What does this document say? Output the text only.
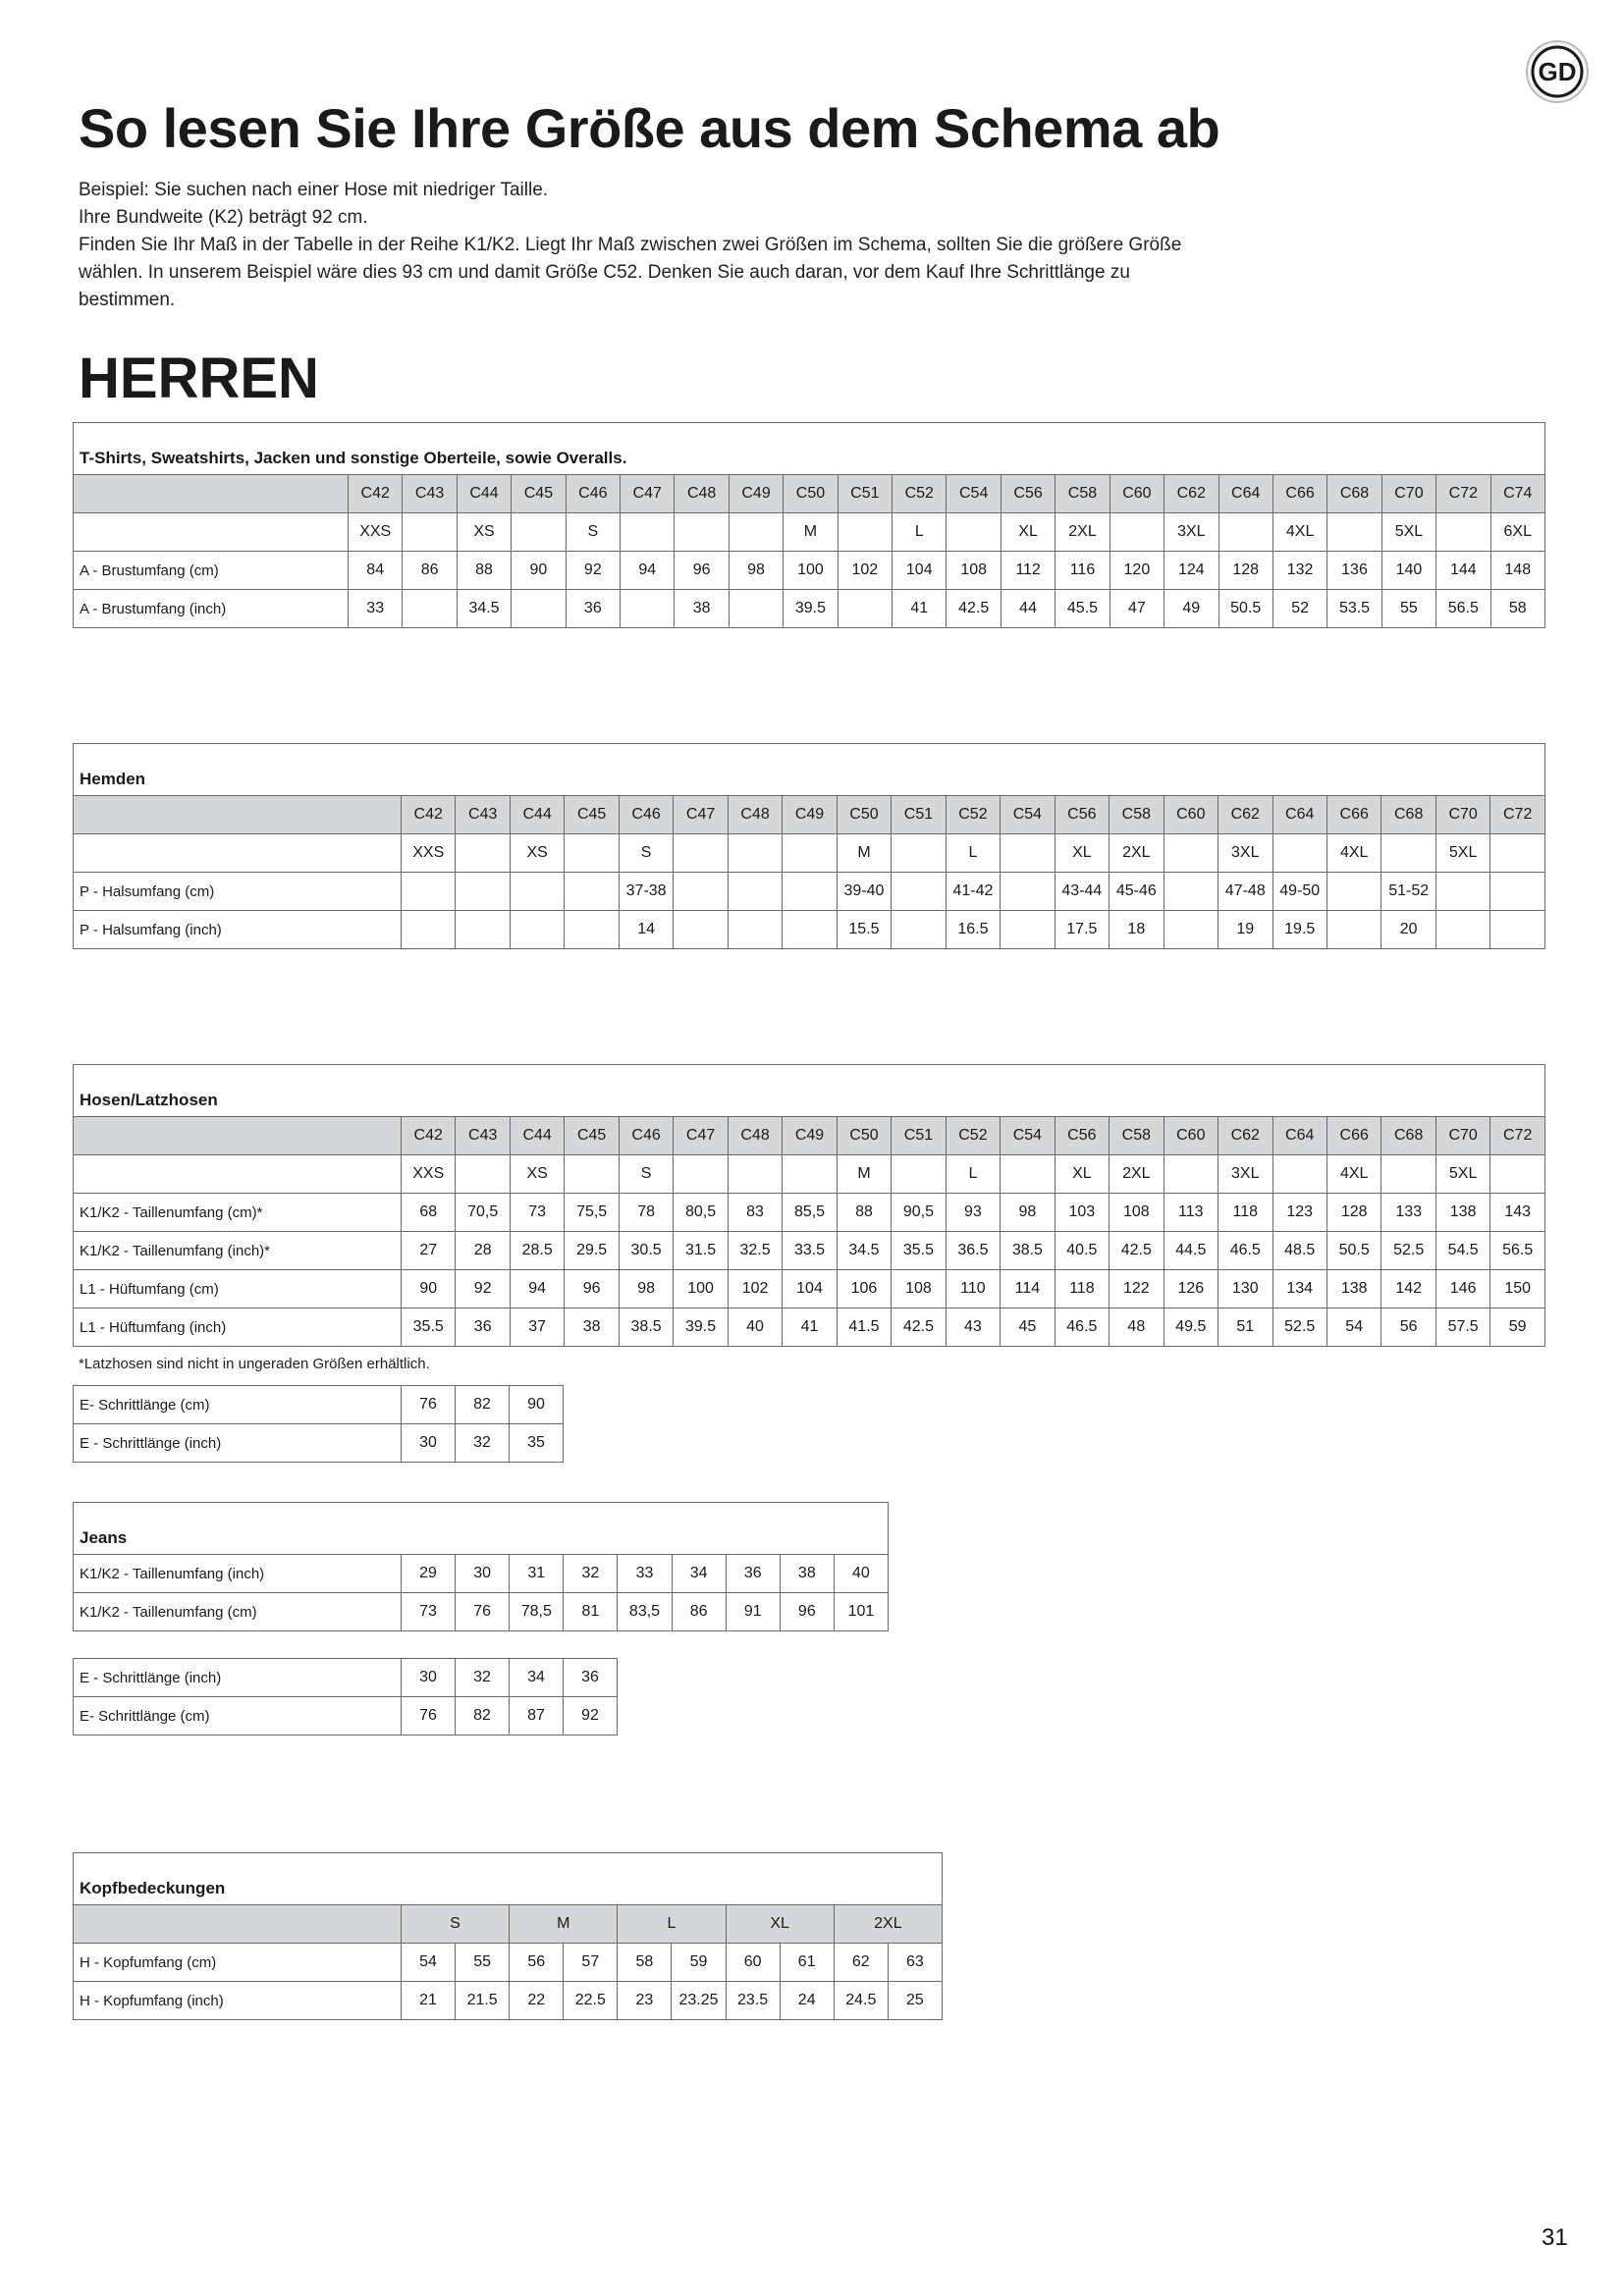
GD
So lesen Sie Ihre Größe aus dem Schema ab
Beispiel: Sie suchen nach einer Hose mit niedriger Taille.
Ihre Bundweite (K2) beträgt 92 cm.
Finden Sie Ihr Maß in der Tabelle in der Reihe K1/K2. Liegt Ihr Maß zwischen zwei Größen im Schema, sollten Sie die größere Größe
wählen. In unserem Beispiel wäre dies 93 cm und damit Größe C52. Denken Sie auch daran, vor dem Kauf Ihre Schrittlänge zu
bestimmen.
HERREN
T-Shirts, Sweatshirts, Jacken und sonstige Oberteile, sowie Overalls.																						
	C42	C43	C44	C45	C46	C47	C48	C49	C50	C51	C52	C54	C56	C58	C60	C62	C64	C66	C68	C70	C72	C74
	XXS		XS		S				M		L		XL	2XL		3XL		4XL		5XL		6XL
A - Brustumfang (cm)	84	86	88	90	92	94	96	98	100	102	104	108	112	116	120	124	128	132	136	140	144	148
A - Brustumfang (inch)	33		34.5		36		38		39.5		41	42.5	44	45.5	47	49	50.5	52	53.5	55	56.5	58
Hemden																					
	C42	C43	C44	C45	C46	C47	C48	C49	C50	C51	C52	C54	C56	C58	C60	C62	C64	C66	C68	C70	C72
	XXS		XS		S				M		L		XL	2XL		3XL		4XL		5XL	
P - Halsumfang (cm)					37-38				39-40		41-42		43-44	45-46		47-48	49-50		51-52		
P - Halsumfang (inch)					14				15.5		16.5		17.5	18		19	19.5		20		
Hosen/Latzhosen																					
	C42	C43	C44	C45	C46	C47	C48	C49	C50	C51	C52	C54	C56	C58	C60	C62	C64	C66	C68	C70	C72
	XXS		XS		S				M		L		XL	2XL		3XL		4XL		5XL	
K1/K2 - Taillenumfang (cm)*	68	70,5	73	75,5	78	80,5	83	85,5	88	90,5	93	98	103	108	113	118	123	128	133	138	143
K1/K2 - Taillenumfang (inch)*	27	28	28.5	29.5	30.5	31.5	32.5	33.5	34.5	35.5	36.5	38.5	40.5	42.5	44.5	46.5	48.5	50.5	52.5	54.5	56.5
L1 - Hüftumfang (cm)	90	92	94	96	98	100	102	104	106	108	110	114	118	122	126	130	134	138	142	146	150
L1 - Hüftumfang (inch)	35.5	36	37	38	38.5	39.5	40	41	41.5	42.5	43	45	46.5	48	49.5	51	52.5	54	56	57.5	59
*Latzhosen sind nicht in ungeraden Größen erhältlich.
E- Schrittlänge (cm)	76	82	90
E - Schrittlänge (inch)	30	32	35
Jeans									
K1/K2 - Taillenumfang (inch)	29	30	31	32	33	34	36	38	40
K1/K2 - Taillenumfang (cm)	73	76	78,5	81	83,5	86	91	96	101
E - Schrittlänge (inch)	30	32	34	36
E- Schrittlänge (cm)	76	82	87	92
Kopfbedeckungen										
	S		M		L		XL		2XL	
H - Kopfumfang (cm)	54	55	56	57	58	59	60	61	62	63
H - Kopfumfang (inch)	21	21.5	22	22.5	23	23.25	23.5	24	24.5	25
31
